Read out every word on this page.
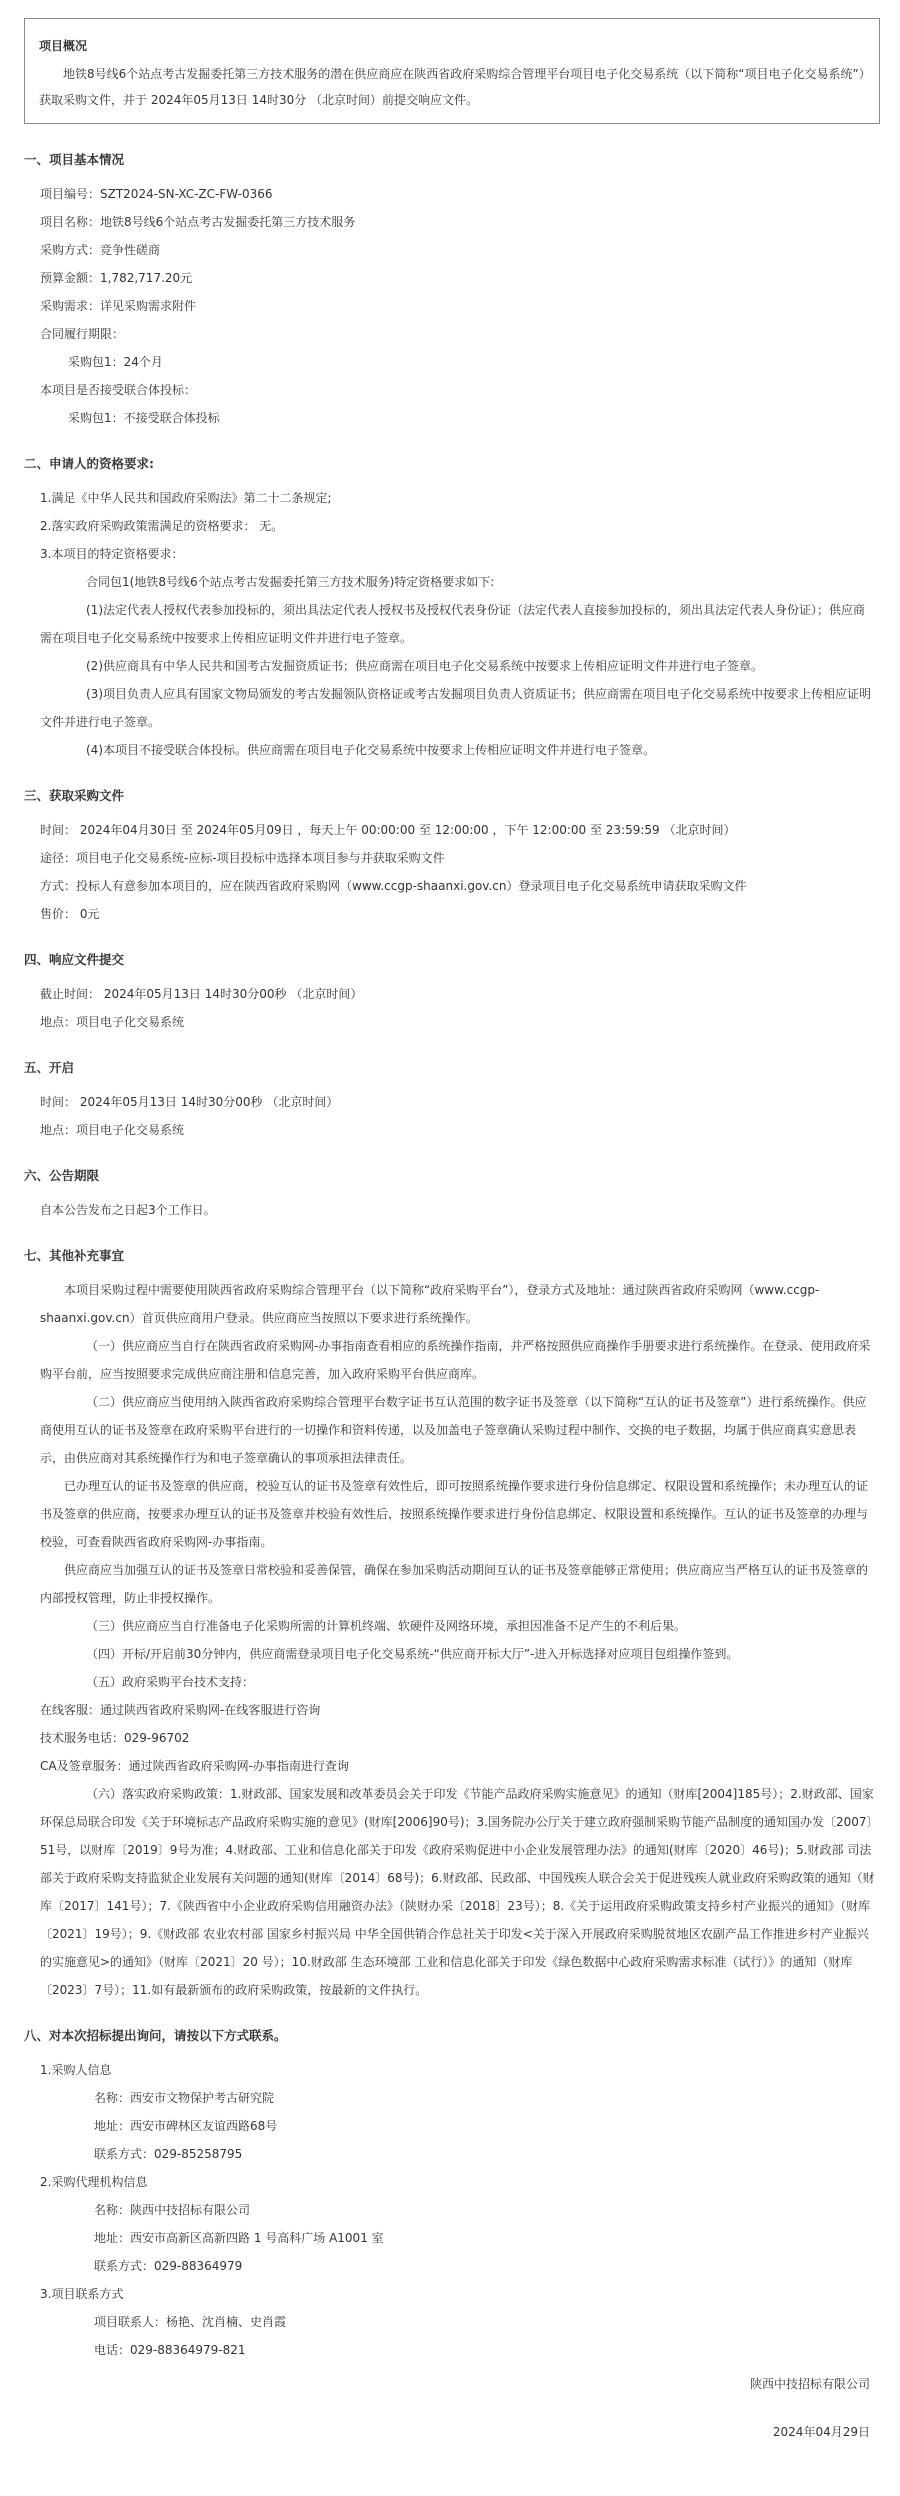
项目概况
地铁8号线6个站点考古发掘委托第三方技术服务的潜在供应商应在陕西省政府采购综合管理平台项目电子化交易系统（以下简称“项目电子化交易系统”）获取采购文件，并于 2024年05月13日 14时30分 （北京时间）前提交响应文件。
一、项目基本情况
项目编号：SZT2024-SN-XC-ZC-FW-0366
项目名称：地铁8号线6个站点考古发掘委托第三方技术服务
采购方式：竞争性磋商
预算金额：1,782,717.20元
采购需求：详见采购需求附件
合同履行期限：
采购包1：24个月
本项目是否接受联合体投标：
采购包1：不接受联合体投标
二、申请人的资格要求:
1.满足《中华人民共和国政府采购法》第二十二条规定;
2.落实政府采购政策需满足的资格要求： 无。
3.本项目的特定资格要求：
合同包1(地铁8号线6个站点考古发掘委托第三方技术服务)特定资格要求如下:
(1)法定代表人授权代表参加投标的，须出具法定代表人授权书及授权代表身份证（法定代表人直接参加投标的，须出具法定代表人身份证）；供应商需在项目电子化交易系统中按要求上传相应证明文件并进行电子签章。
(2)供应商具有中华人民共和国考古发掘资质证书；供应商需在项目电子化交易系统中按要求上传相应证明文件并进行电子签章。
(3)项目负责人应具有国家文物局颁发的考古发掘领队资格证或考古发掘项目负责人资质证书；供应商需在项目电子化交易系统中按要求上传相应证明文件并进行电子签章。
(4)本项目不接受联合体投标。供应商需在项目电子化交易系统中按要求上传相应证明文件并进行电子签章。
三、获取采购文件
时间： 2024年04月30日 至 2024年05月09日 ，每天上午 00:00:00 至 12:00:00 ，下午 12:00:00 至 23:59:59 （北京时间）
途径：项目电子化交易系统-应标-项目投标中选择本项目参与并获取采购文件
方式：投标人有意参加本项目的，应在陕西省政府采购网（www.ccgp-shaanxi.gov.cn）登录项目电子化交易系统申请获取采购文件
售价： 0元
四、响应文件提交
截止时间： 2024年05月13日 14时30分00秒 （北京时间）
地点：项目电子化交易系统
五、开启
时间： 2024年05月13日 14时30分00秒 （北京时间）
地点：项目电子化交易系统
六、公告期限
自本公告发布之日起3个工作日。
七、其他补充事宜
本项目采购过程中需要使用陕西省政府采购综合管理平台（以下简称“政府采购平台”），登录方式及地址：通过陕西省政府采购网（www.ccgp-shaanxi.gov.cn）首页供应商用户登录。供应商应当按照以下要求进行系统操作。
（一）供应商应当自行在陕西省政府采购网-办事指南查看相应的系统操作指南，并严格按照供应商操作手册要求进行系统操作。在登录、使用政府采购平台前，应当按照要求完成供应商注册和信息完善，加入政府采购平台供应商库。
（二）供应商应当使用纳入陕西省政府采购综合管理平台数字证书互认范围的数字证书及签章（以下简称“互认的证书及签章”）进行系统操作。供应商使用互认的证书及签章在政府采购平台进行的一切操作和资料传递，以及加盖电子签章确认采购过程中制作、交换的电子数据，均属于供应商真实意思表示，由供应商对其系统操作行为和电子签章确认的事项承担法律责任。
已办理互认的证书及签章的供应商，校验互认的证书及签章有效性后，即可按照系统操作要求进行身份信息绑定、权限设置和系统操作；未办理互认的证书及签章的供应商，按要求办理互认的证书及签章并校验有效性后，按照系统操作要求进行身份信息绑定、权限设置和系统操作。互认的证书及签章的办理与校验，可查看陕西省政府采购网-办事指南。
供应商应当加强互认的证书及签章日常校验和妥善保管，确保在参加采购活动期间互认的证书及签章能够正常使用；供应商应当严格互认的证书及签章的内部授权管理，防止非授权操作。
（三）供应商应当自行准备电子化采购所需的计算机终端、软硬件及网络环境，承担因准备不足产生的不利后果。
（四）开标/开启前30分钟内，供应商需登录项目电子化交易系统-“供应商开标大厅”-进入开标选择对应项目包组操作签到。
（五）政府采购平台技术支持：
在线客服：通过陕西省政府采购网-在线客服进行咨询
技术服务电话：029-96702
CA及签章服务：通过陕西省政府采购网-办事指南进行查询
（六）落实政府采购政策：1.财政部、国家发展和改革委员会关于印发《节能产品政府采购实施意见》的通知（财库[2004]185号）；2.财政部、国家环保总局联合印发《关于环境标志产品政府采购实施的意见》(财库[2006]90号)；3.国务院办公厅关于建立政府强制采购节能产品制度的通知国办发〔2007〕51号，以财库〔2019〕9号为准；4.财政部、工业和信息化部关于印发《政府采购促进中小企业发展管理办法》的通知(财库〔2020〕46号)；5.财政部 司法部关于政府采购支持监狱企业发展有关问题的通知(财库〔2014〕68号)；6.财政部、民政部、中国残疾人联合会关于促进残疾人就业政府采购政策的通知（财库〔2017〕141号）；7.《陕西省中小企业政府采购信用融资办法》（陕财办采〔2018〕23号）；8.《关于运用政府采购政策支持乡村产业振兴的通知》（财库〔2021〕19号）；9.《财政部 农业农村部 国家乡村振兴局 中华全国供销合作总社关于印发<关于深入开展政府采购脱贫地区农副产品工作推进乡村产业振兴的实施意见>的通知》（财库〔2021〕20 号）；10.财政部 生态环境部 工业和信息化部关于印发《绿色数据中心政府采购需求标准（试行）》的通知（财库〔2023〕7号）；11.如有最新颁布的政府采购政策，按最新的文件执行。
八、对本次招标提出询问，请按以下方式联系。
1.采购人信息
名称：西安市文物保护考古研究院
地址：西安市碑林区友谊西路68号
联系方式：029-85258795
2.采购代理机构信息
名称：陕西中技招标有限公司
地址：西安市高新区高新四路 1 号高科广场 A1001 室
联系方式：029-88364979
3.项目联系方式
项目联系人：杨艳、沈肖楠、史肖霞
电话：029-88364979-821
陕西中技招标有限公司
2024年04月29日
